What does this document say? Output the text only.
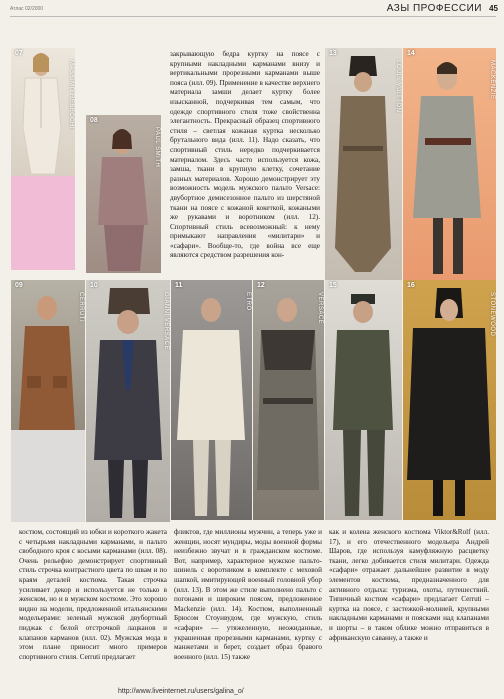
Атлас 02/2000	АЗЫ ПРОФЕССИИ 45
07
MASSIMO REBECCHI 08
PAUL SMITH

закрывающую бедра куртку на поясе с крупными накладными карманами внизу и вертикальными прорезными карманами выше пояса (илл. 09). Применение в качестве верхнего материала замши делает куртку более изысканной, подчеркивая тем самым, что одежде спортивного стиля тоже свойственна элегантность. Прекрасный образец спортивного стиля – светлая кожаная куртка несколько брутального вида (илл. 11). Надо сказать, что спортивный стиль нередко подчеркивается материалом. Здесь часто используется кожа, замша, ткани в крупную клетку, сочетание разных материалов. Хорошо демонстрирует эту возможность модель мужского пальто Versace: двубортное демисезонное пальто из шерстяной ткани на поясе с кожаной кокеткой, кожаными же рукавами и воротником (илл. 12). Спортивный стиль всевозможный: к нему примыкают направления «милитари» и «сафари». Вообще-то, где война все еще являются средством разрешения кон-

13
LOUIS VUITTON
14
MACKENZIE
09
CERRUTI
10
GIANNI VERSACE
11
ETRO
12
VERSACE
15	16
STONEWOOD

костюм, состоящий из юбки и короткого жакета с четырьмя накладными карманами, и пальто свободного кроя с косыми карманами (илл. 08). Очень рельефно демонстрирует спортивный стиль строчка контрастного цвета по швам и по краям деталей костюма. Такая строчка усиливает декор и используется не только в женском, но и в мужском костюме. Это хорошо видно на модели, предложенной итальянскими модельерами: зеленый мужской двубортный пиджак с белой отстрочкой лацканов и клапанов карманов (илл. 02). Мужская мода в этом плане приносит много примеров спортивного стиля. Cerruti предлагает

фликтов, где миллионы мужчин, а теперь уже и женщин, носят мундиры, моды военной формы неизбежно звучат и в гражданском костюме. Вот, например, характерное мужское пальто-шинель с воротником в комплекте с меховой шапкой, имитирующей военный головной убор (илл. 13). В этом же стиле выполнено пальто с погонами и широким поясом, предложенное Мackenzie (илл. 14). Костюм, выполненный Брюсом Стоунвудом, где мужскую, стиль «сафари» — утяжеленную, неожиданные, украшенная прорезными карманами, куртку с манжетами и берет, создает образ бравого военного (илл. 15) также

как и колена женского костюма Viktor&Rolf (илл. 17), и его отечественного модельера Андрей Шаров, где используя камуфляжную расцветку ткани, легко добивается стиля милитари. Одежда «сафари» отражает дальнейшее развитие в моду элементов костюма, предназначенного для активного отдыха: туризма, охоты, путешествий. Типичный костюм «сафари» предлагает Cerruti – куртка на поясе, с застежкой-молнией, крупными накладными карманами и поясками над клапанами и шорты – в таком облике можно отправиться в африканскую саванну, а также и

http://www.liveinternet.ru/users/galina_o/
